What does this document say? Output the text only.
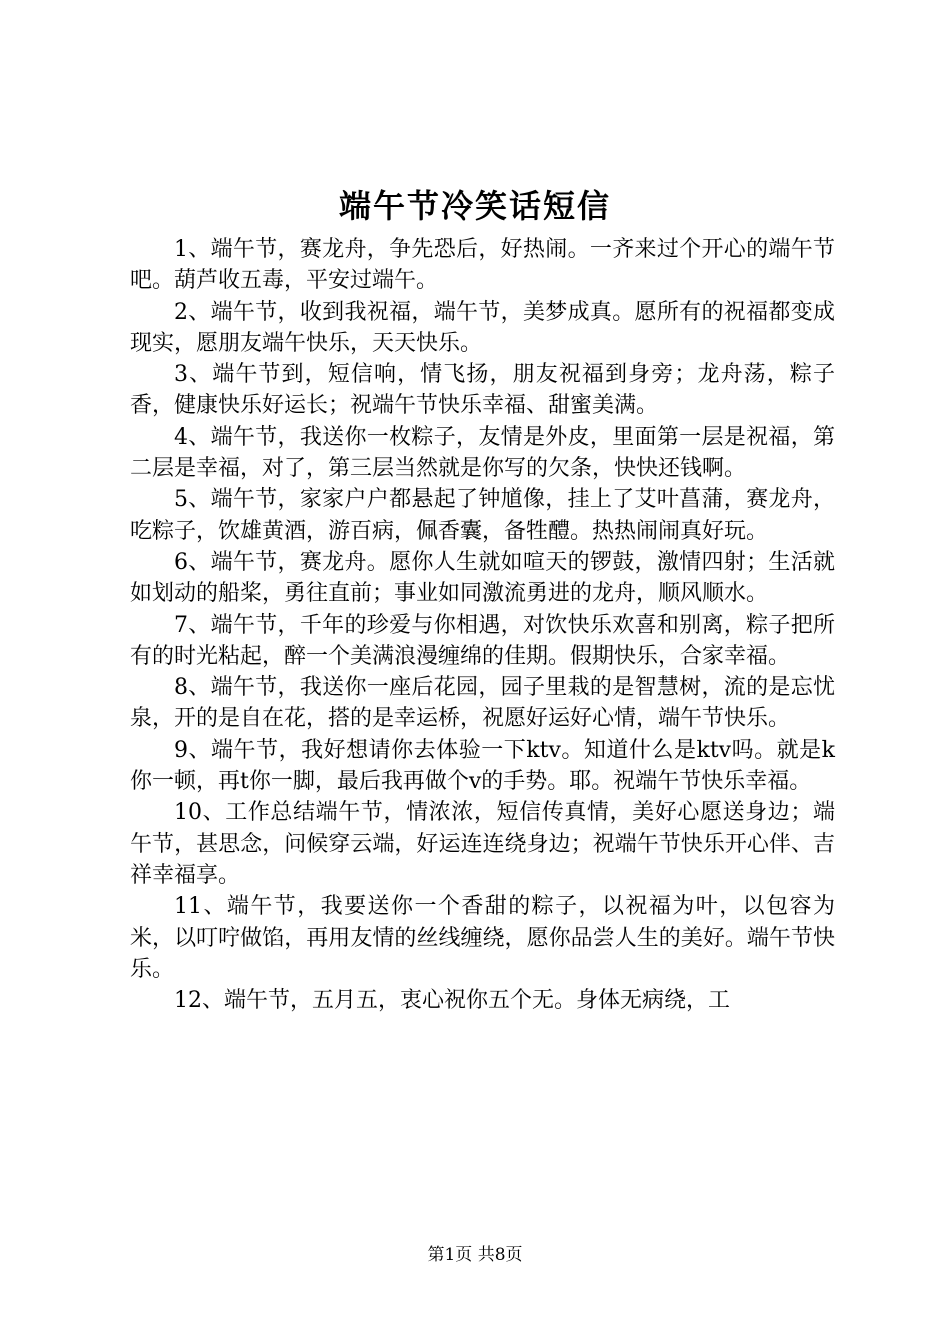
端午节冷笑话短信

1、端午节，赛龙舟，争先恐后，好热闹。一齐来过个开心的端午节吧。葫芦收五毒，平安过端午。

2、端午节，收到我祝福，端午节，美梦成真。愿所有的祝福都变成现实，愿朋友端午快乐，天天快乐。

3、端午节到，短信响，情飞扬，朋友祝福到身旁；龙舟荡，粽子香，健康快乐好运长；祝端午节快乐幸福、甜蜜美满。

4、端午节，我送你一枚粽子，友情是外皮，里面第一层是祝福，第二层是幸福，对了，第三层当然就是你写的欠条，快快还钱啊。

5、端午节，家家户户都悬起了钟馗像，挂上了艾叶菖蒲，赛龙舟，吃粽子，饮雄黄酒，游百病，佩香囊，备牲醴。热热闹闹真好玩。

6、端午节，赛龙舟。愿你人生就如喧天的锣鼓，激情四射；生活就如划动的船桨，勇往直前；事业如同激流勇进的龙舟，顺风顺水。

7、端午节，千年的珍爱与你相遇，对饮快乐欢喜和别离，粽子把所有的时光粘起，醉一个美满浪漫缠绵的佳期。假期快乐，合家幸福。

8、端午节，我送你一座后花园，园子里栽的是智慧树，流的是忘忧泉，开的是自在花，搭的是幸运桥，祝愿好运好心情，端午节快乐。

9、端午节，我好想请你去体验一下ktv。知道什么是ktv吗。就是k你一顿，再t你一脚，最后我再做个v的手势。耶。祝端午节快乐幸福。

10、工作总结端午节，情浓浓，短信传真情，美好心愿送身边；端午节，甚思念，问候穿云端，好运连连绕身边；祝端午节快乐开心伴、吉祥幸福享。

11、端午节，我要送你一个香甜的粽子，以祝福为叶，以包容为米，以叮咛做馅，再用友情的丝线缠绕，愿你品尝人生的美好。端午节快乐。

12、端午节，五月五，衷心祝你五个无。身体无病绕，工

第1页 共8页
